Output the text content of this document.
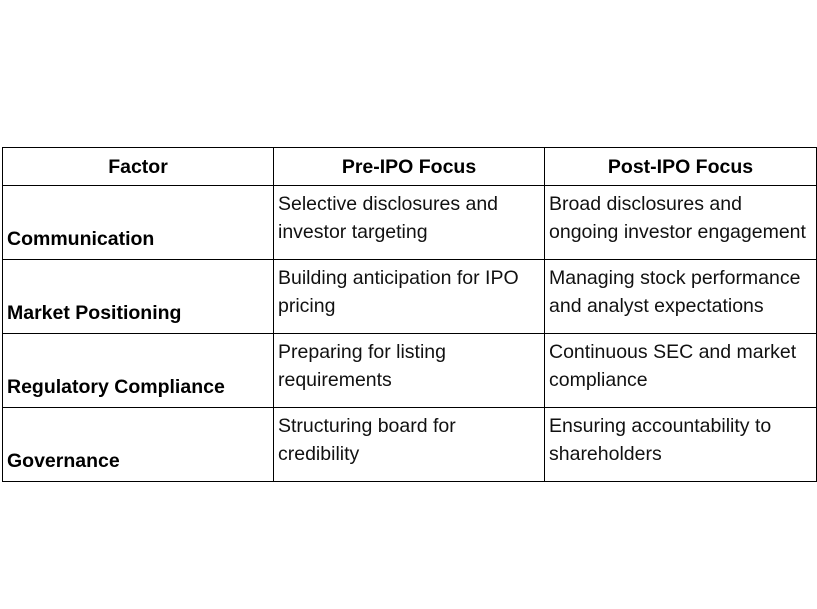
Factor	Pre-IPO Focus	Post-IPO Focus
Communication	Selective disclosures and investor targeting	Broad disclosures and ongoing investor engagement
Market Positioning	Building anticipation for IPO pricing	Managing stock performance and analyst expectations
Regulatory Compliance	Preparing for listing requirements	Continuous SEC and market compliance
Governance	Structuring board for credibility	Ensuring accountability to shareholders
